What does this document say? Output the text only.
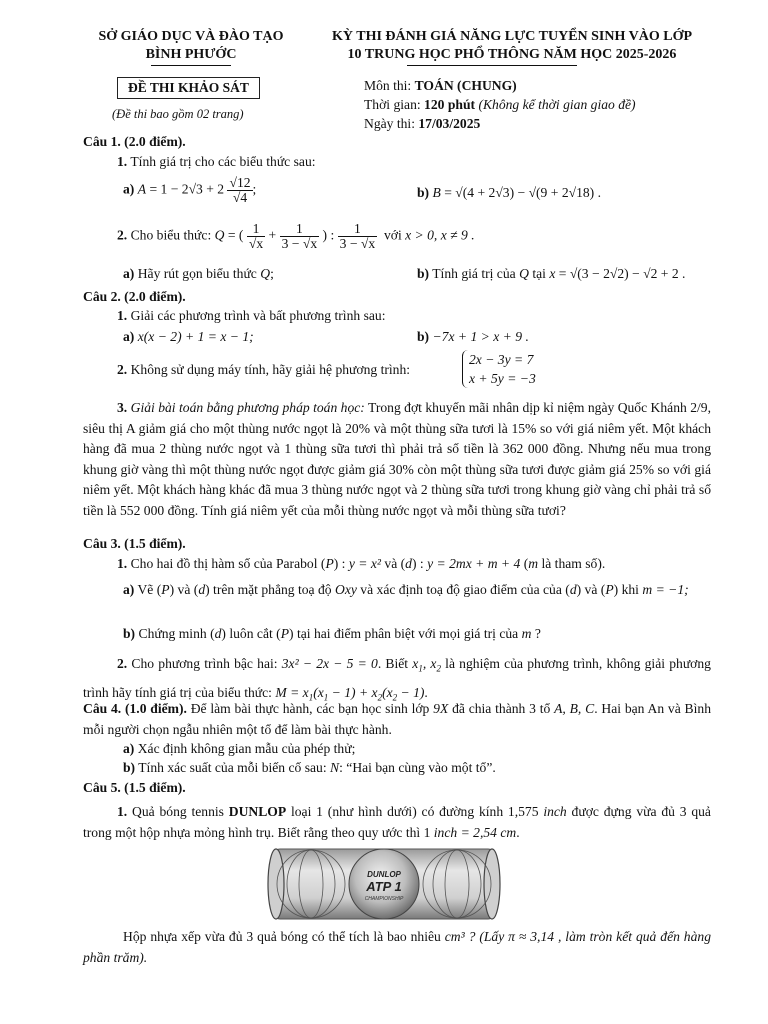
SỞ GIÁO DỤC VÀ ĐÀO TẠO
BÌNH PHƯỚC
KỲ THI ĐÁNH GIÁ NĂNG LỰC TUYỂN SINH VÀO LỚP
10 TRUNG HỌC PHỔ THÔNG NĂM HỌC 2025-2026
ĐỀ THI KHẢO SÁT
(Đề thi bao gồm 02 trang)
Môn thi: TOÁN (CHUNG)
Thời gian: 120 phút (Không kể thời gian giao đề)
Ngày thi: 17/03/2025
Câu 1. (2.0 điểm).
1. Tính giá trị cho các biểu thức sau:
a) $A = 1 - 2√3 + 2 \frac{√12}{√4}$ ;	b) B = √(4 + 2√3) − √(9 + 2√18) .
2. Cho biểu thức: Q = ( $\frac{1}{√x} + \frac{1}{3 - √x}$ ) : $\frac{1}{3 - √x}$ với x > 0, x ≠ 9 .
a) Hãy rút gọn biểu thức Q;	b) Tính giá trị của Q tại x = √(3 − 2√2) − √2 + 2 .
Câu 2. (2.0 điểm).
1. Giải các phương trình và bất phương trình sau:
a) x(x − 2) + 1 = x − 1;	b) −7x + 1 > x + 9 .
2. Không sử dụng máy tính, hãy giải hệ phương trình:
2x − 3y = 7
x + 5y = −3
3. Giải bài toán bằng phương pháp toán học: Trong đợt khuyến mãi nhân dịp kỉ niệm ngày Quốc Khánh 2/9, siêu thị A giảm giá cho một thùng nước ngọt là 20% và một thùng sữa tươi là 15% so với giá niêm yết. Một khách hàng đã mua 2 thùng nước ngọt và 1 thùng sữa tươi thì phải trả số tiền là 362 000 đồng. Nhưng nếu mua trong khung giờ vàng thì một thùng nước ngọt được giảm giá 30% còn một thùng sữa tươi được giảm giá 25% so với giá niêm yết. Một khách hàng khác đã mua 3 thùng nước ngọt và 2 thùng sữa tươi trong khung giờ vàng chỉ phải trả số tiền là 552 000 đồng. Tính giá niêm yết của mỗi thùng nước ngọt và mỗi thùng sữa tươi?
Câu 3. (1.5 điểm).
1. Cho hai đồ thị hàm số của Parabol (P) : y = x² và (d) : y = 2mx + m + 4 (m là tham số).
a) Vẽ (P) và (d) trên mặt phẳng toạ độ Oxy và xác định toạ độ giao điểm của của (d) và (P) khi m = −1;
b) Chứng minh (d) luôn cắt (P) tại hai điểm phân biệt với mọi giá trị của m ?
2. Cho phương trình bậc hai: 3x² − 2x − 5 = 0. Biết $x_1$, $x_2$ là nghiệm của phương trình, không giải phương trình hãy tính giá trị của biểu thức: $M = x_1(x_1 - 1) + x_2(x_2 - 1)$.
Câu 4. (1.0 điểm). Để làm bài thực hành, các bạn học sinh lớp 9X đã chia thành 3 tổ A, B, C. Hai bạn An và Bình mỗi người chọn ngẫu nhiên một tổ để làm bài thực hành.
a) Xác định không gian mẫu của phép thử;
b) Tính xác suất của mỗi biến cố sau: N: “Hai bạn cùng vào một tổ”.
Câu 5. (1.5 điểm).
1. Quả bóng tennis DUNLOP loại 1 (như hình dưới) có đường kính 1,575 inch được đựng vừa đủ 3 quả trong một hộp nhựa mỏng hình trụ. Biết rằng theo quy ước thì 1 inch = 2,54 cm.
DUNLOP
ATP 1
CHAMPIONSHIP
Hộp nhựa xếp vừa đủ 3 quả bóng có thể tích là bao nhiêu cm³ ? (Lấy π ≈ 3,14 , làm tròn kết quả đến hàng phần trăm).
